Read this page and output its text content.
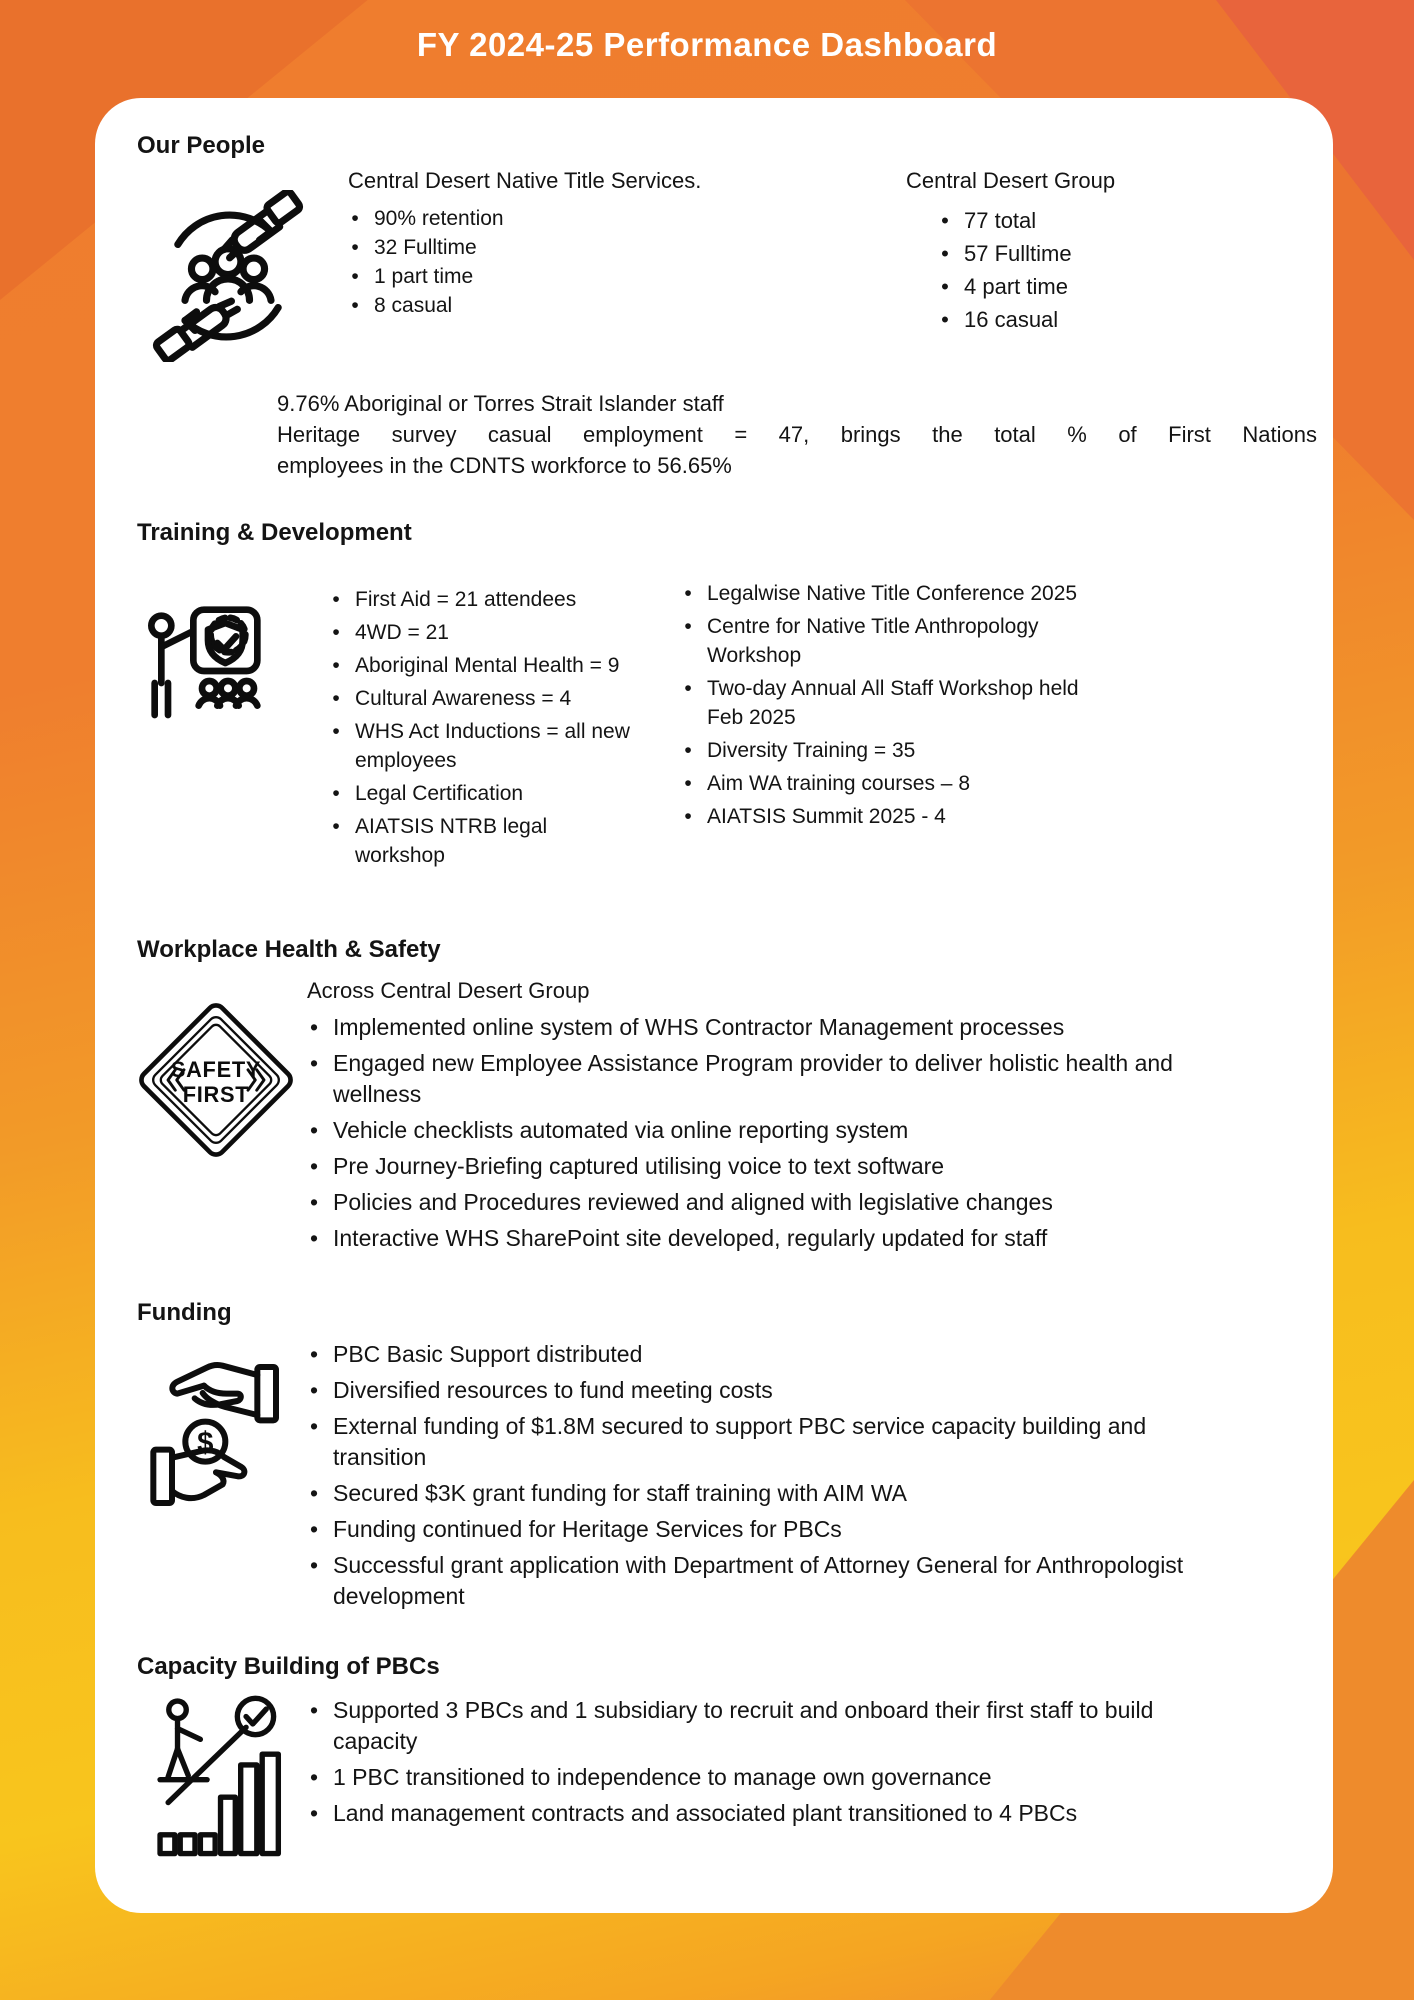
FY 2024-25 Performance Dashboard
Our People

Central Desert Native Title Services.

• 90% retention
• 32 Fulltime
• 1 part time
• 8 casual

Central Desert Group

• 77 total
• 57 Fulltime
• 4 part time
• 16 casual
9.76% Aboriginal or Torres Strait Islander staff
Heritage survey casual employment = 47, brings the total % of First Nations
employees in the CDNTS workforce to 56.65%
Training & Development
• First Aid = 21 attendees
• 4WD = 21
• Aboriginal Mental Health = 9
• Cultural Awareness = 4
• WHS Act Inductions = all new employees
• Legal Certification
• AIATSIS NTRB legal workshop
• Legalwise Native Title Conference 2025
• Centre for Native Title Anthropology Workshop
• Two-day Annual All Staff Workshop held Feb 2025
• Diversity Training = 35
• Aim WA training courses – 8
• AIATSIS Summit 2025 - 4
Workplace Health & Safety
SAFETY
FIRST

Across Central Desert Group

• Implemented online system of WHS Contractor Management processes
• Engaged new Employee Assistance Program provider to deliver holistic health and wellness
• Vehicle checklists automated via online reporting system
• Pre Journey-Briefing captured utilising voice to text software
• Policies and Procedures reviewed and aligned with legislative changes
• Interactive WHS SharePoint site developed, regularly updated for staff
Funding
$
• PBC Basic Support distributed
• Diversified resources to fund meeting costs
• External funding of $1.8M secured to support PBC service capacity building and transition
• Secured $3K grant funding for staff training with AIM WA
• Funding continued for Heritage Services for PBCs
• Successful grant application with Department of Attorney General for Anthropologist development
Capacity Building of PBCs
• Supported 3 PBCs and 1 subsidiary to recruit and onboard their first staff to build capacity
• 1 PBC transitioned to independence to manage own governance
• Land management contracts and associated plant transitioned to 4 PBCs
